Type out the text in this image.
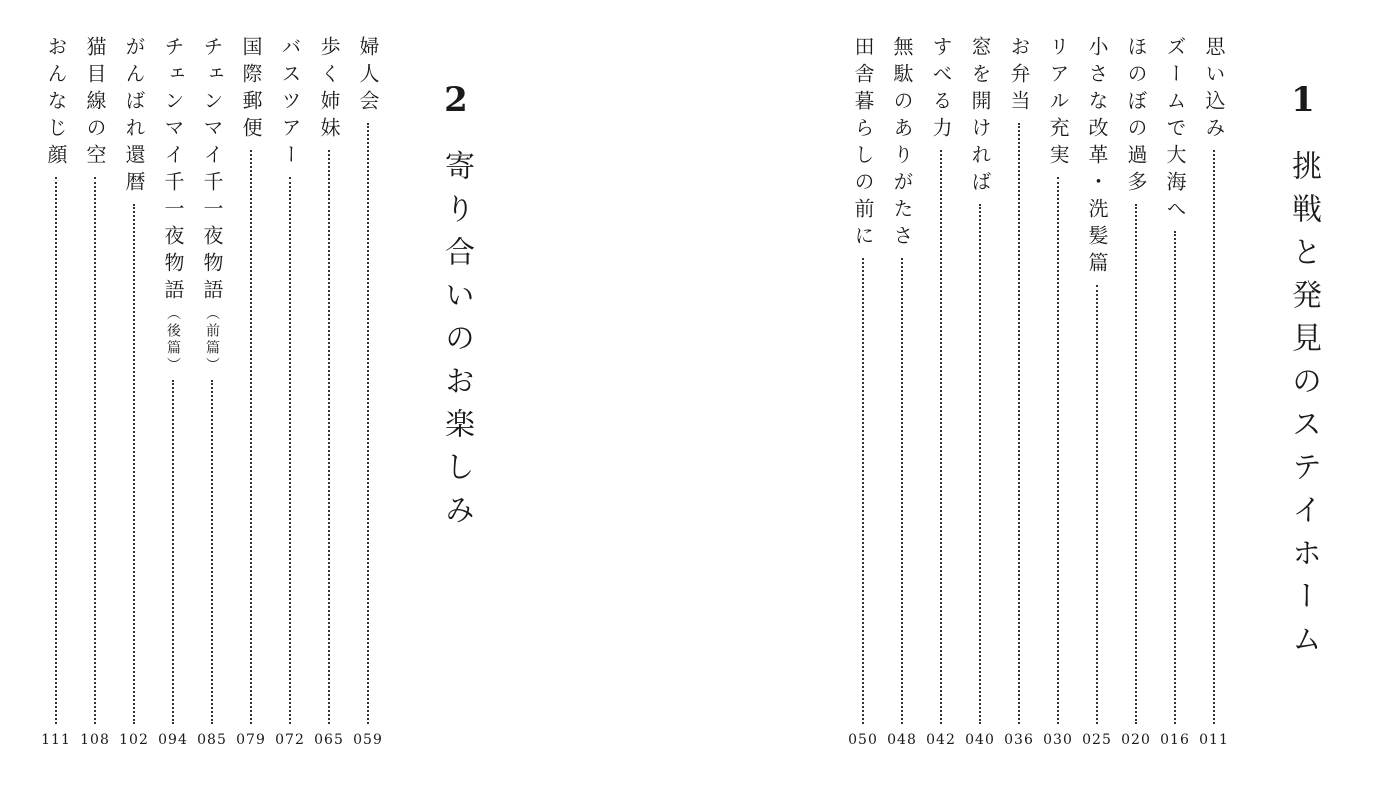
1
挑戦と発見のステイホーム
思い込み
011
ズームで大海へ
016
ほのぼの過多
020
小さな改革・洗髪篇
025
リアル充実
030
お弁当
036
窓を開ければ
040
すべる力
042
無駄のありがたさ
048
田舎暮らしの前に
050
2
寄り合いのお楽しみ
婦人会
059
歩く姉妹
065
バスツアー
072
国際郵便
079
チェンマイ千一夜物語（前篇）
085
チェンマイ千一夜物語（後篇）
094
がんばれ還暦
102
猫目線の空
108
おんなじ顔
111
